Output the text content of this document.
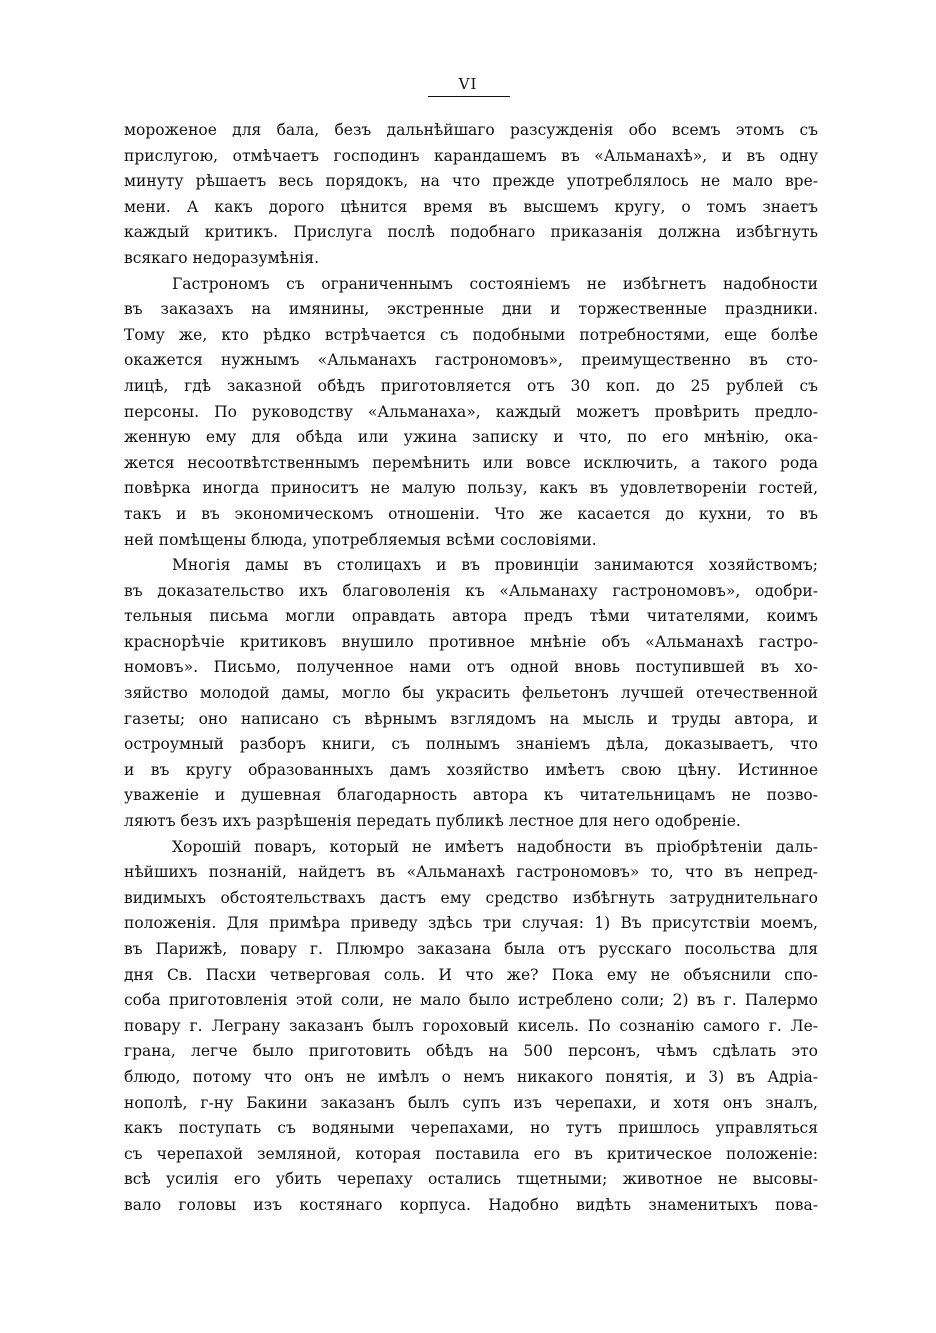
VI
мороженое для бала, безъ дальнѣйшаго разсужденія обо всемъ этомъ съ
прислугою, отмѣчаетъ господинъ карандашемъ въ «Альманахѣ», и въ одну
минуту рѣшаетъ весь порядокъ, на что прежде употреблялось не мало вре-
мени. А какъ дорого цѣнится время въ высшемъ кругу, о томъ знаетъ
каждый критикъ. Прислуга послѣ подобнаго приказанія должна избѣгнуть
всякаго недоразумѣнія.
Гастрономъ съ ограниченнымъ состояніемъ не избѣгнетъ надобности
въ заказахъ на имянины, экстренные дни и торжественные праздники.
Тому же, кто рѣдко встрѣчается съ подобными потребностями, еще болѣе
окажется нужнымъ «Альманахъ гастрономовъ», преимущественно въ сто-
лицѣ, гдѣ заказной обѣдъ приготовляется отъ 30 коп. до 25 рублей съ
персоны. По руководству «Альманаха», каждый можетъ провѣрить предло-
женную ему для обѣда или ужина записку и что, по его мнѣнію, ока-
жется несоотвѣтственнымъ перемѣнить или вовсе исключить, а такого рода
повѣрка иногда приноситъ не малую пользу, какъ въ удовлетвореніи гостей,
такъ и въ экономическомъ отношеніи. Что же касается до кухни, то въ
ней помѣщены блюда, употребляемыя всѣми сословіями.
Многія дамы въ столицахъ и въ провинціи занимаются хозяйствомъ;
въ доказательство ихъ благоволенія къ «Альманаху гастрономовъ», одобри-
тельныя письма могли оправдать автора предъ тѣми читателями, коимъ
краснорѣчіе критиковъ внушило противное мнѣніе объ «Альманахѣ гастро-
номовъ». Письмо, полученное нами отъ одной вновь поступившей въ хо-
зяйство молодой дамы, могло бы украсить фельетонъ лучшей отечественной
газеты; оно написано съ вѣрнымъ взглядомъ на мысль и труды автора, и
остроумный разборъ книги, съ полнымъ знаніемъ дѣла, доказываетъ, что
и въ кругу образованныхъ дамъ хозяйство имѣетъ свою цѣну. Истинное
уваженіе и душевная благодарность автора къ читательницамъ не позво-
ляютъ безъ ихъ разрѣшенія передать публикѣ лестное для него одобреніе.
Хорошій поваръ, который не имѣетъ надобности въ пріобрѣтеніи даль-
нѣйшихъ познаній, найдетъ въ «Альманахѣ гастрономовъ» то, что въ непред-
видимыхъ обстоятельствахъ дастъ ему средство избѣгнуть затруднительнаго
положенія. Для примѣра приведу здѣсь три случая: 1) Въ присутствіи моемъ,
въ Парижѣ, повару г. Плюмро заказана была отъ русскаго посольства для
дня Св. Пасхи четверговая соль. И что же? Пока ему не объяснили спо-
соба приготовленія этой соли, не мало было истреблено соли; 2) въ г. Палермо
повару г. Леграну заказанъ былъ гороховый кисель. По сознанію самого г. Ле-
грана, легче было приготовить обѣдъ на 500 персонъ, чѣмъ сдѣлать это
блюдо, потому что онъ не имѣлъ о немъ никакого понятія, и 3) въ Адріа-
нополѣ, г-ну Бакини заказанъ былъ супъ изъ черепахи, и хотя онъ зналъ,
какъ поступать съ водяными черепахами, но тутъ пришлось управляться
съ черепахой земляной, которая поставила его въ критическое положеніе:
всѣ усилія его убить черепаху остались тщетными; животное не высовы-
вало головы изъ костянаго корпуса. Надобно видѣть знаменитыхъ пова-
